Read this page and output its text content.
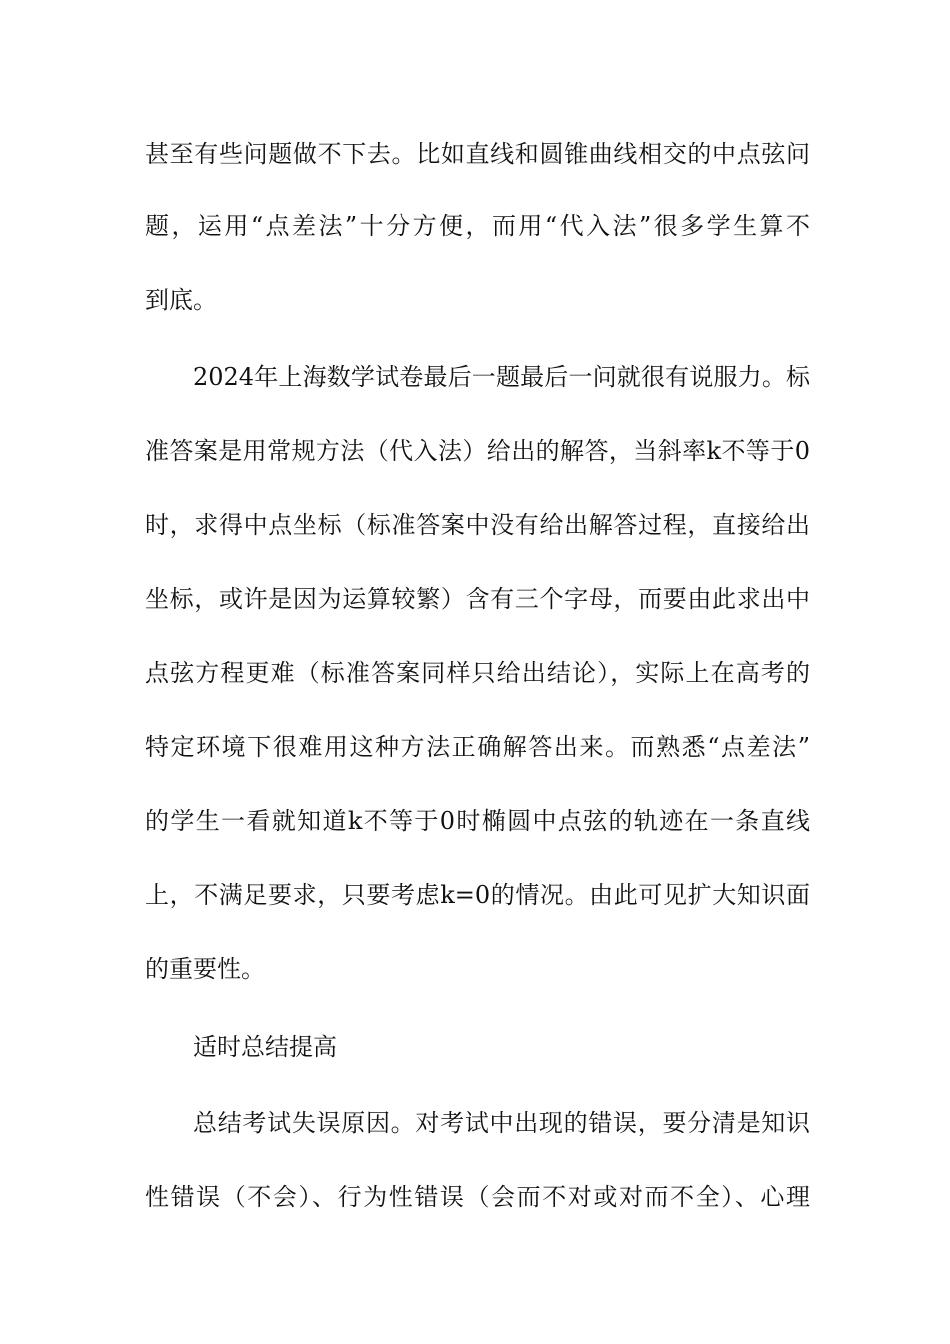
甚至有些问题做不下去。比如直线和圆锥曲线相交的中点弦问
题，运用“点差法”十分方便，而用“代入法”很多学生算不
到底。
2024年上海数学试卷最后一题最后一问就很有说服力。标
准答案是用常规方法（代入法）给出的解答，当斜率k不等于0
时，求得中点坐标（标准答案中没有给出解答过程，直接给出
坐标，或许是因为运算较繁）含有三个字母，而要由此求出中
点弦方程更难（标准答案同样只给出结论），实际上在高考的
特定环境下很难用这种方法正确解答出来。而熟悉“点差法”
的学生一看就知道k不等于0时椭圆中点弦的轨迹在一条直线
上，不满足要求，只要考虑k=0的情况。由此可见扩大知识面
的重要性。
适时总结提高
总结考试失误原因。对考试中出现的错误，要分清是知识
性错误（不会）、行为性错误（会而不对或对而不全）、心理
